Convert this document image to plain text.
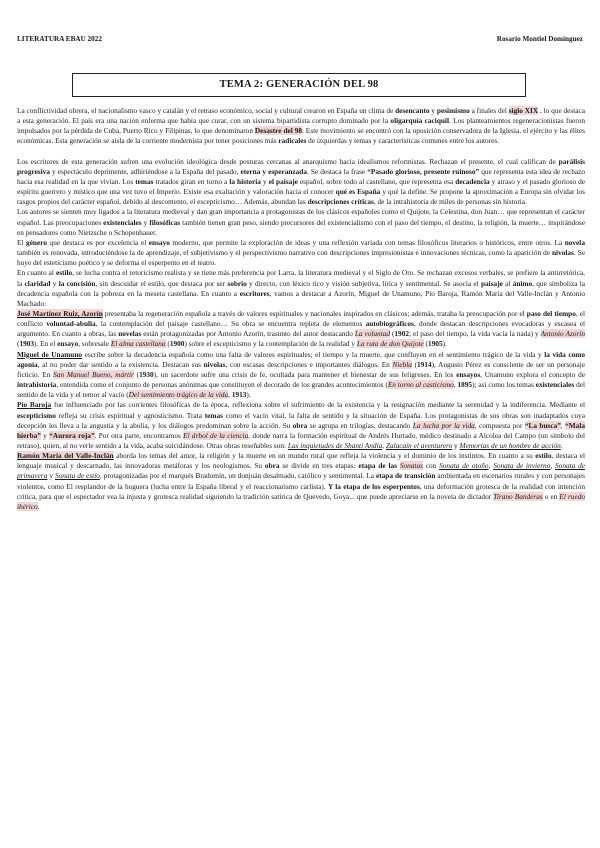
LITERATURA EBAU 2022	Rosario Montiel Domínguez
TEMA 2: GENERACIÓN DEL 98

La conflictividad obrera, el nacionalismo vasco y catalán y el retraso económico, social y cultural crearon en España un clima de desencanto y pesimismo a finales del siglo XIX , lo que destaca a esta generación. El país era una nación enferma que había que curar, con un sistema bipartidista corrupto dominado por la oligarquía caciquil. Los planteamientos regeneracionistas fueron impulsados por la pérdida de Cuba, Puerto Rico y Filipinas, lo que denominaron Desastre del 98. Este movimiento se encontró con la oposición conservadora de la Iglesia, el ejército y las élites económicas. Esta generación se aisla de la corriente modernista por tener posiciones más radicales de izquierdas y temas y características comunes entre los autores.

Los escritores de esta generación sufren una evolución ideológica desde posturas cercanas al anarquismo hacia idealismos reformistas. Rechazan el presente, el cual califican de parálisis progresiva y espectáculo deprimente, adhiriéndose a la España del pasado, eterna y esperanzada. Se destaca la frase “Pasado glorioso, presente ruinoso” que representa esta idea de rechazo hacia esa realidad en la que vivían. Los temas tratados giran en torno a la historia y el paisaje español, sobre todo al castellano, que representa esa decadencia y atraso y el pasado glorioso de espíritu guerrero y místico que una vez tuvo el Imperio. Existe esa exaltación y valoración hacia el conocer qué es España y qué la define. Se propone la aproximación a Europa sin olvidar los rasgos propios del carácter español, debido al descontento, el escepticismo… Además, abundan las descripciones críticas, de la intrahistoria de miles de personas sin historia.

Los autores se sienten muy ligados a la literatura medieval y dan gran importancia a protagonistas de los clásicos españoles como el Quijote, la Celestina, don Juan… que representan el carácter español. Las preocupaciones existenciales y filosóficas también tienen gran peso, siendo precursores del existencialismo con el paso del tiempo, el destino, la religión, la muerte… inspirándose en pensadores como Nietzsche o Schopenhauer.

El género que destaca es por excelencia el ensayo moderno, que permite la exploración de ideas y una reflexión variada con temas filosóficos literarios o históricos, entre otros. La novela también es renovada, introduciéndose la de aprendizaje, el subjetivismo y el perspectivismo narrativo con descripciones impresionistas e innovaciones técnicas, como la aparición de nivolas. Se huye del esteticismo poético y se deforma el esperpento en el teatro.

En cuanto al estilo, se lucha contra el retoricismo realista y se tiene más preferencia por Larra, la literatura medieval y el Siglo de Oro. Se rechazan excesos verbales, se prefiere la antirretórica, la claridad y la concisión, sin descuidar el estilo, que destaca por ser sobrio y directo, con léxico rico y visión subjetiva, lírica y sentimental. Se asocia el paisaje al ánimo, que simboliza la decadencia española con la pobreza en la meseta castellana. En cuanto a escritores, vamos a destacar a Azorín, Miguel de Unamuno, Pío Baroja, Ramón María del Valle-Inclán y Antonio Machado:

José Martínez Ruiz, Azorín presentaba la regeneración española a través de valores espirituales y nacionales inspirados en clásicos; además, trataba la preocupación por el paso del tiempo, el conflicto voluntad-abulia, la contemplación del paisaje castellano… Su obra se encuentra repleta de elementos autobiográficos, donde destacan descripciones evocadoras y escasea el argumento. En cuanto a obras, las novelas están protagonizadas por Antonio Azorín, trasunto del autor destacando La voluntad (1902; el paso del tiempo, la vida vacía la nada) y Antonio Azorín (1903). En el ensayo, sobresale El alma castellana (1900) sobre el escepticismo y la contemplación de la realidad y La ruta de don Quijote (1905).

Miguel de Unamuno escribe sobre la decadencia española como una falta de valores espirituales; el tiempo y la muerte, que confluyen en el sentimiento trágico de la vida y la vida como agonía, al no poder dar sentido a la existencia. Destacan sus nivolas, con escasas descripciones e importantes diálogos. En Niebla (1914), Augusto Pérez es consciente de ser un personaje ficticio. En San Manuel Bueno, mártir (1930), un sacerdote sufre una crisis de fe, ocultada para mantener el bienestar de sus feligreses. En los ensayos, Unamuno explora el concepto de intrahistoria, entendida como el conjunto de personas anónimas que constituyen el decorado de los grandes acontecimientos (En torno al casticismo, 1895); así como los temas existenciales del sentido de la vida y el temor al vacío (Del sentimiento trágico de la vida, 1913).

Pío Baroja fue influenciado por las corrientes filosóficas de la época, reflexiona sobre el sufrimiento de la existencia y la resignación mediante la serenidad y la indiferencia. Mediante el escepticismo refleja su crisis espiritual y agnosticismo. Trata temas como el vacío vital, la falta de sentido y la situación de España. Los protagonistas de sus obras son inadaptados cuya decepción les lleva a la angustia y la abulia, y los diálogos predominan sobre la acción. Su obra se agrupa en trilogías, destacando La lucha por la vida, compuesta por “La busca”, “Mala hierba” y “Aurora roja”. Por otra parte, encontramos El árbol de la ciencia, donde narra la formación espiritual de Andrés Hurtado, médico destinado a Alcolea del Campo (un símbolo del retraso), quien, al no verle sentido a la vida, acaba suicidándose. Otras obras reseñables son: Las inquietudes de Shanti Andía, Zalacaín el aventurero y Memorias de un hombre de acción.

Ramón María del Valle-Inclán aborda los temas del amor, la religión y la muerte en un mundo rural que refleja la violencia y el dominio de los instintos. En cuanto a su estilo, destaca el lenguaje musical y descarnado, las innovadoras metáforas y los neologismos. Su obra se divide en tres etapas: etapa de las Sonatas con Sonata de otoño, Sonata de invierno, Sonata de primavera y Sonata de estío, protagonizadas por el marqués Bradomín, un donjuán desalmado, católico y sentimental. La etapa de transición ambientada en escenarios rurales y con personajes violentos, como El resplandor de la hoguera (lucha entre la España liberal y el reaccionarismo carlista). Y la etapa de los esperpentos, una deformación grotesca de la realidad con intención crítica, para que el espectador vea la injusta y grotesca realidad siguiendo la tradición satírica de Quevedo, Goya... que puede apreciarse en la novela de dictador Tirano Banderas o en El ruedo ibérico.
